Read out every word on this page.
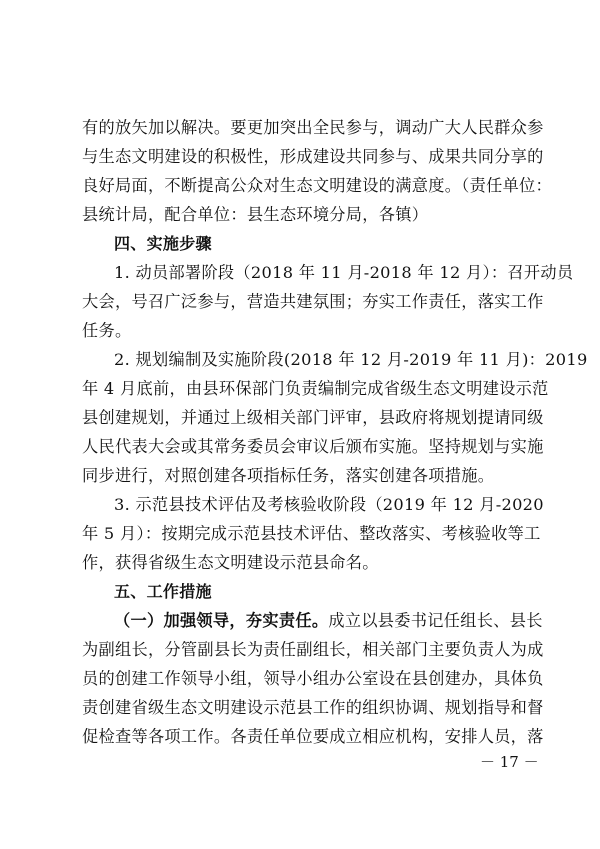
有的放矢加以解决。要更加突出全民参与，调动广大人民群众参
与生态文明建设的积极性，形成建设共同参与、成果共同分享的
良好局面，不断提高公众对生态文明建设的满意度。（责任单位：
县统计局，配合单位：县生态环境分局，各镇）
四、实施步骤
1. 动员部署阶段（2018 年 11 月-2018 年 12 月）：召开动员
大会，号召广泛参与，营造共建氛围；夯实工作责任，落实工作
任务。
2. 规划编制及实施阶段(2018 年 12 月-2019 年 11 月)：2019
年 4 月底前，由县环保部门负责编制完成省级生态文明建设示范
县创建规划，并通过上级相关部门评审，县政府将规划提请同级
人民代表大会或其常务委员会审议后颁布实施。坚持规划与实施
同步进行，对照创建各项指标任务，落实创建各项措施。
3. 示范县技术评估及考核验收阶段（2019 年 12 月-2020
年 5 月）：按期完成示范县技术评估、整改落实、考核验收等工
作，获得省级生态文明建设示范县命名。
五、工作措施
（一）加强领导，夯实责任。成立以县委书记任组长、县长
为副组长，分管副县长为责任副组长，相关部门主要负责人为成
员的创建工作领导小组，领导小组办公室设在县创建办，具体负
责创建省级生态文明建设示范县工作的组织协调、规划指导和督
促检查等各项工作。各责任单位要成立相应机构，安排人员，落
－ 17 －
